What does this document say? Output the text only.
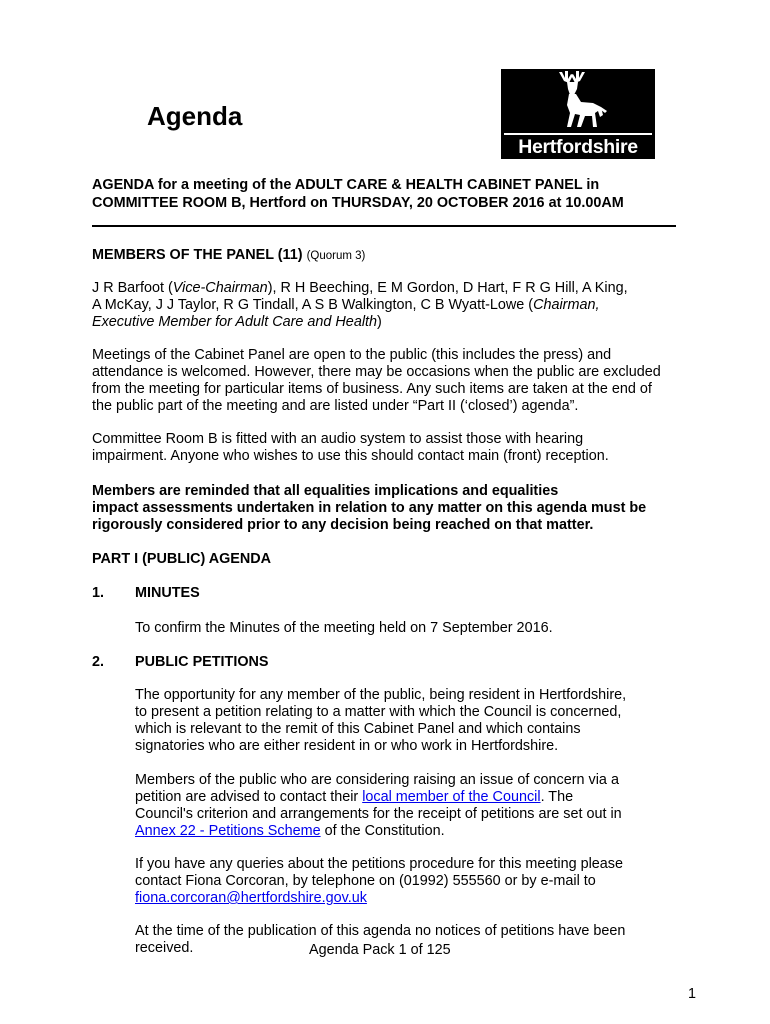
Agenda
Hertfordshire
AGENDA for a meeting of the ADULT CARE & HEALTH CABINET PANEL in
COMMITTEE ROOM B, Hertford on THURSDAY, 20 OCTOBER 2016 at 10.00AM
MEMBERS OF THE PANEL (11) (Quorum 3)
J R Barfoot (Vice-Chairman), R H Beeching, E M Gordon, D Hart, F R G Hill, A King,
A McKay, J J Taylor, R G Tindall, A S B Walkington, C B Wyatt-Lowe (Chairman,
Executive Member for Adult Care and Health)
Meetings of the Cabinet Panel are open to the public (this includes the press) and
attendance is welcomed. However, there may be occasions when the public are excluded
from the meeting for particular items of business. Any such items are taken at the end of
the public part of the meeting and are listed under “Part II (‘closed’) agenda”.
Committee Room B is fitted with an audio system to assist those with hearing
impairment. Anyone who wishes to use this should contact main (front) reception.
Members are reminded that all equalities implications and equalities
impact assessments undertaken in relation to any matter on this agenda must be
rigorously considered prior to any decision being reached on that matter.
PART I (PUBLIC) AGENDA
1. MINUTES
To confirm the Minutes of the meeting held on 7 September 2016.
2. PUBLIC PETITIONS
The opportunity for any member of the public, being resident in Hertfordshire,
to present a petition relating to a matter with which the Council is concerned,
which is relevant to the remit of this Cabinet Panel and which contains
signatories who are either resident in or who work in Hertfordshire.
Members of the public who are considering raising an issue of concern via a
petition are advised to contact their local member of the Council. The
Council's criterion and arrangements for the receipt of petitions are set out in
Annex 22 - Petitions Scheme of the Constitution.
If you have any queries about the petitions procedure for this meeting please
contact Fiona Corcoran, by telephone on (01992) 555560 or by e-mail to
fiona.corcoran@hertfordshire.gov.uk
At the time of the publication of this agenda no notices of petitions have been
received.	Agenda Pack 1 of 125
1
